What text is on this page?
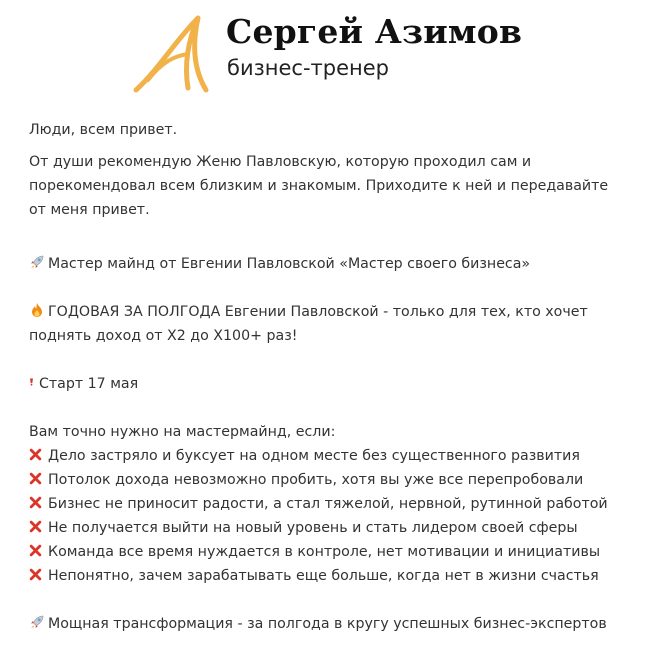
Сергей Азимов
бизнес-тренер

Люди, всем привет.

От души рекомендую Женю Павловскую, которую проходил сам и порекомендовал всем близким и знакомым. Приходите к ней и передавайте от меня привет.

Мастер майнд от Евгении Павловской «Мастер своего бизнеса»

ГОДОВАЯ ЗА ПОЛГОДА Евгении Павловской - только для тех, кто хочет поднять доход от Х2 до Х100+ раз!

Старт 17 мая

Вам точно нужно на мастермайнд, если:

Дело застряло и буксует на одном месте без существенного развития
Потолок дохода невозможно пробить, хотя вы уже все перепробовали
Бизнес не приносит радости, а стал тяжелой, нервной, рутинной работой
Не получается выйти на новый уровень и стать лидером своей сферы
Команда все время нуждается в контроле, нет мотивации и инициативы
Непонятно, зачем зарабатывать еще больше, когда нет в жизни счастья

Мощная трансформация - за полгода в кругу успешных бизнес-экспертов
